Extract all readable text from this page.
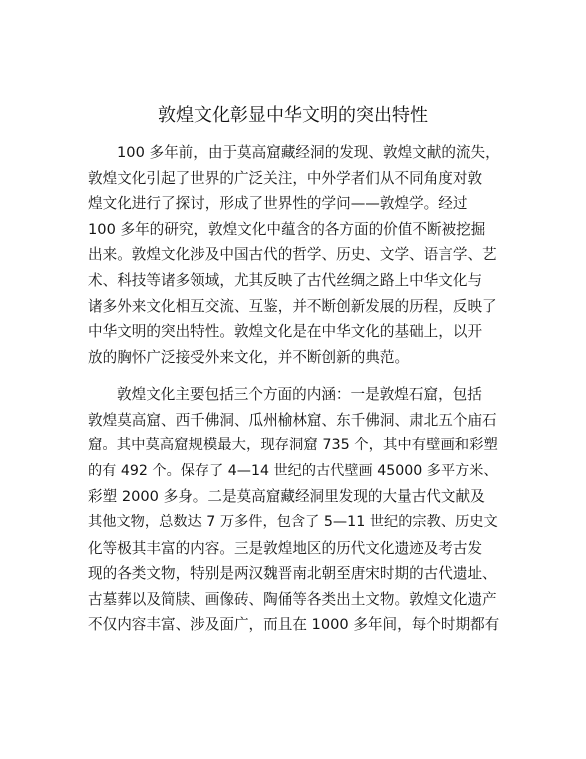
敦煌文化彰显中华文明的突出特性
100 多年前，由于莫高窟藏经洞的发现、敦煌文献的流失，
敦煌文化引起了世界的广泛关注，中外学者们从不同角度对敦
煌文化进行了探讨，形成了世界性的学问——敦煌学。经过
100 多年的研究，敦煌文化中蕴含的各方面的价值不断被挖掘
出来。敦煌文化涉及中国古代的哲学、历史、文学、语言学、艺
术、科技等诸多领域，尤其反映了古代丝绸之路上中华文化与
诸多外来文化相互交流、互鉴，并不断创新发展的历程，反映了
中华文明的突出特性。敦煌文化是在中华文化的基础上，以开
放的胸怀广泛接受外来文化，并不断创新的典范。
敦煌文化主要包括三个方面的内涵：一是敦煌石窟，包括
敦煌莫高窟、西千佛洞、瓜州榆林窟、东千佛洞、肃北五个庙石
窟。其中莫高窟规模最大，现存洞窟 735 个，其中有壁画和彩塑
的有 492 个。保存了 4—14 世纪的古代壁画 45000 多平方米、
彩塑 2000 多身。二是莫高窟藏经洞里发现的大量古代文献及
其他文物，总数达 7 万多件，包含了 5—11 世纪的宗教、历史文
化等极其丰富的内容。三是敦煌地区的历代文化遗迹及考古发
现的各类文物，特别是两汉魏晋南北朝至唐宋时期的古代遗址、
古墓葬以及简牍、画像砖、陶俑等各类出土文物。敦煌文化遗产
不仅内容丰富、涉及面广，而且在 1000 多年间，每个时期都有
